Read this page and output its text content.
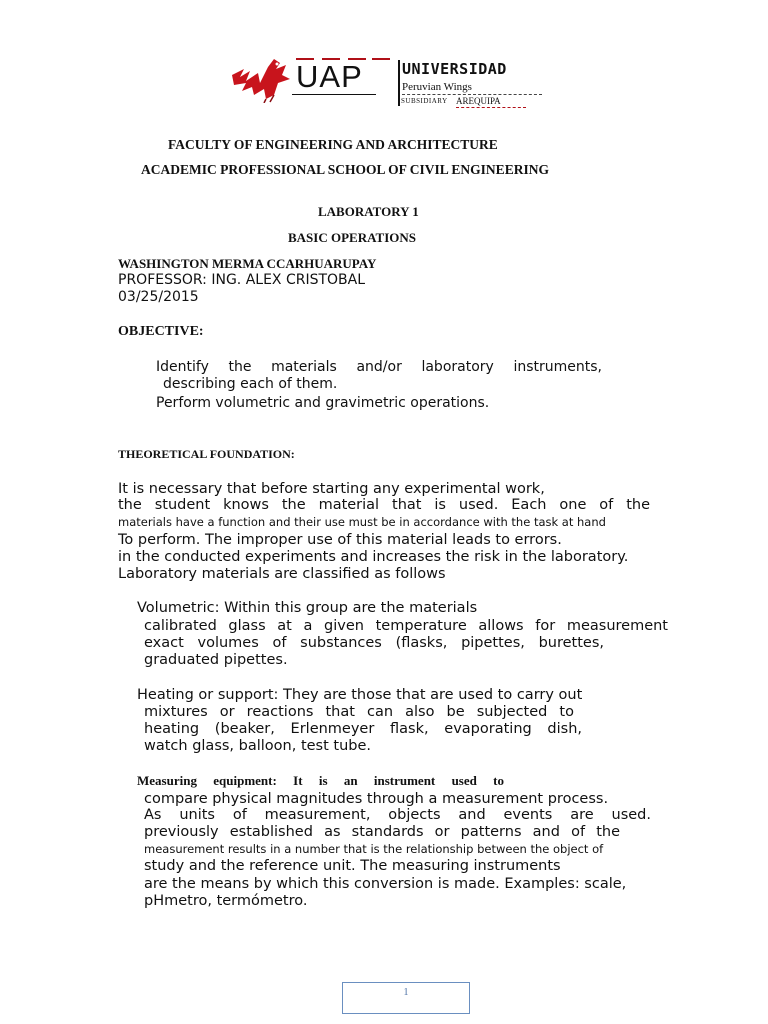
UAP	UNIVERSIDAD
Peruvian Wings
SUBSIDIARY AREQUIPA
FACULTY OF ENGINEERING AND ARCHITECTURE
ACADEMIC PROFESSIONAL SCHOOL OF CIVIL ENGINEERING
LABORATORY 1
BASIC OPERATIONS
WASHINGTON MERMA CCARHUARUPAY
PROFESSOR: ING. ALEX CRISTOBAL
03/25/2015
OBJECTIVE:
Identify the materials and/or laboratory instruments,
describing each of them.
Perform volumetric and gravimetric operations.
THEORETICAL FOUNDATION:
It is necessary that before starting any experimental work,
the student knows the material that is used. Each one of the
materials have a function and their use must be in accordance with the task at hand
To perform. The improper use of this material leads to errors.
in the conducted experiments and increases the risk in the laboratory.
Laboratory materials are classified as follows
Volumetric: Within this group are the materials
calibrated glass at a given temperature allows for measurement
exact volumes of substances (flasks, pipettes, burettes,
graduated pipettes.
Heating or support: They are those that are used to carry out
mixtures or reactions that can also be subjected to
heating (beaker, Erlenmeyer flask, evaporating dish,
watch glass, balloon, test tube.
Measuring equipment: It is an instrument used to
compare physical magnitudes through a measurement process.
As units of measurement, objects and events are used.
previously established as standards or patterns and of the
measurement results in a number that is the relationship between the object of
study and the reference unit. The measuring instruments
are the means by which this conversion is made. Examples: scale,
pHmetro, termómetro.
1
